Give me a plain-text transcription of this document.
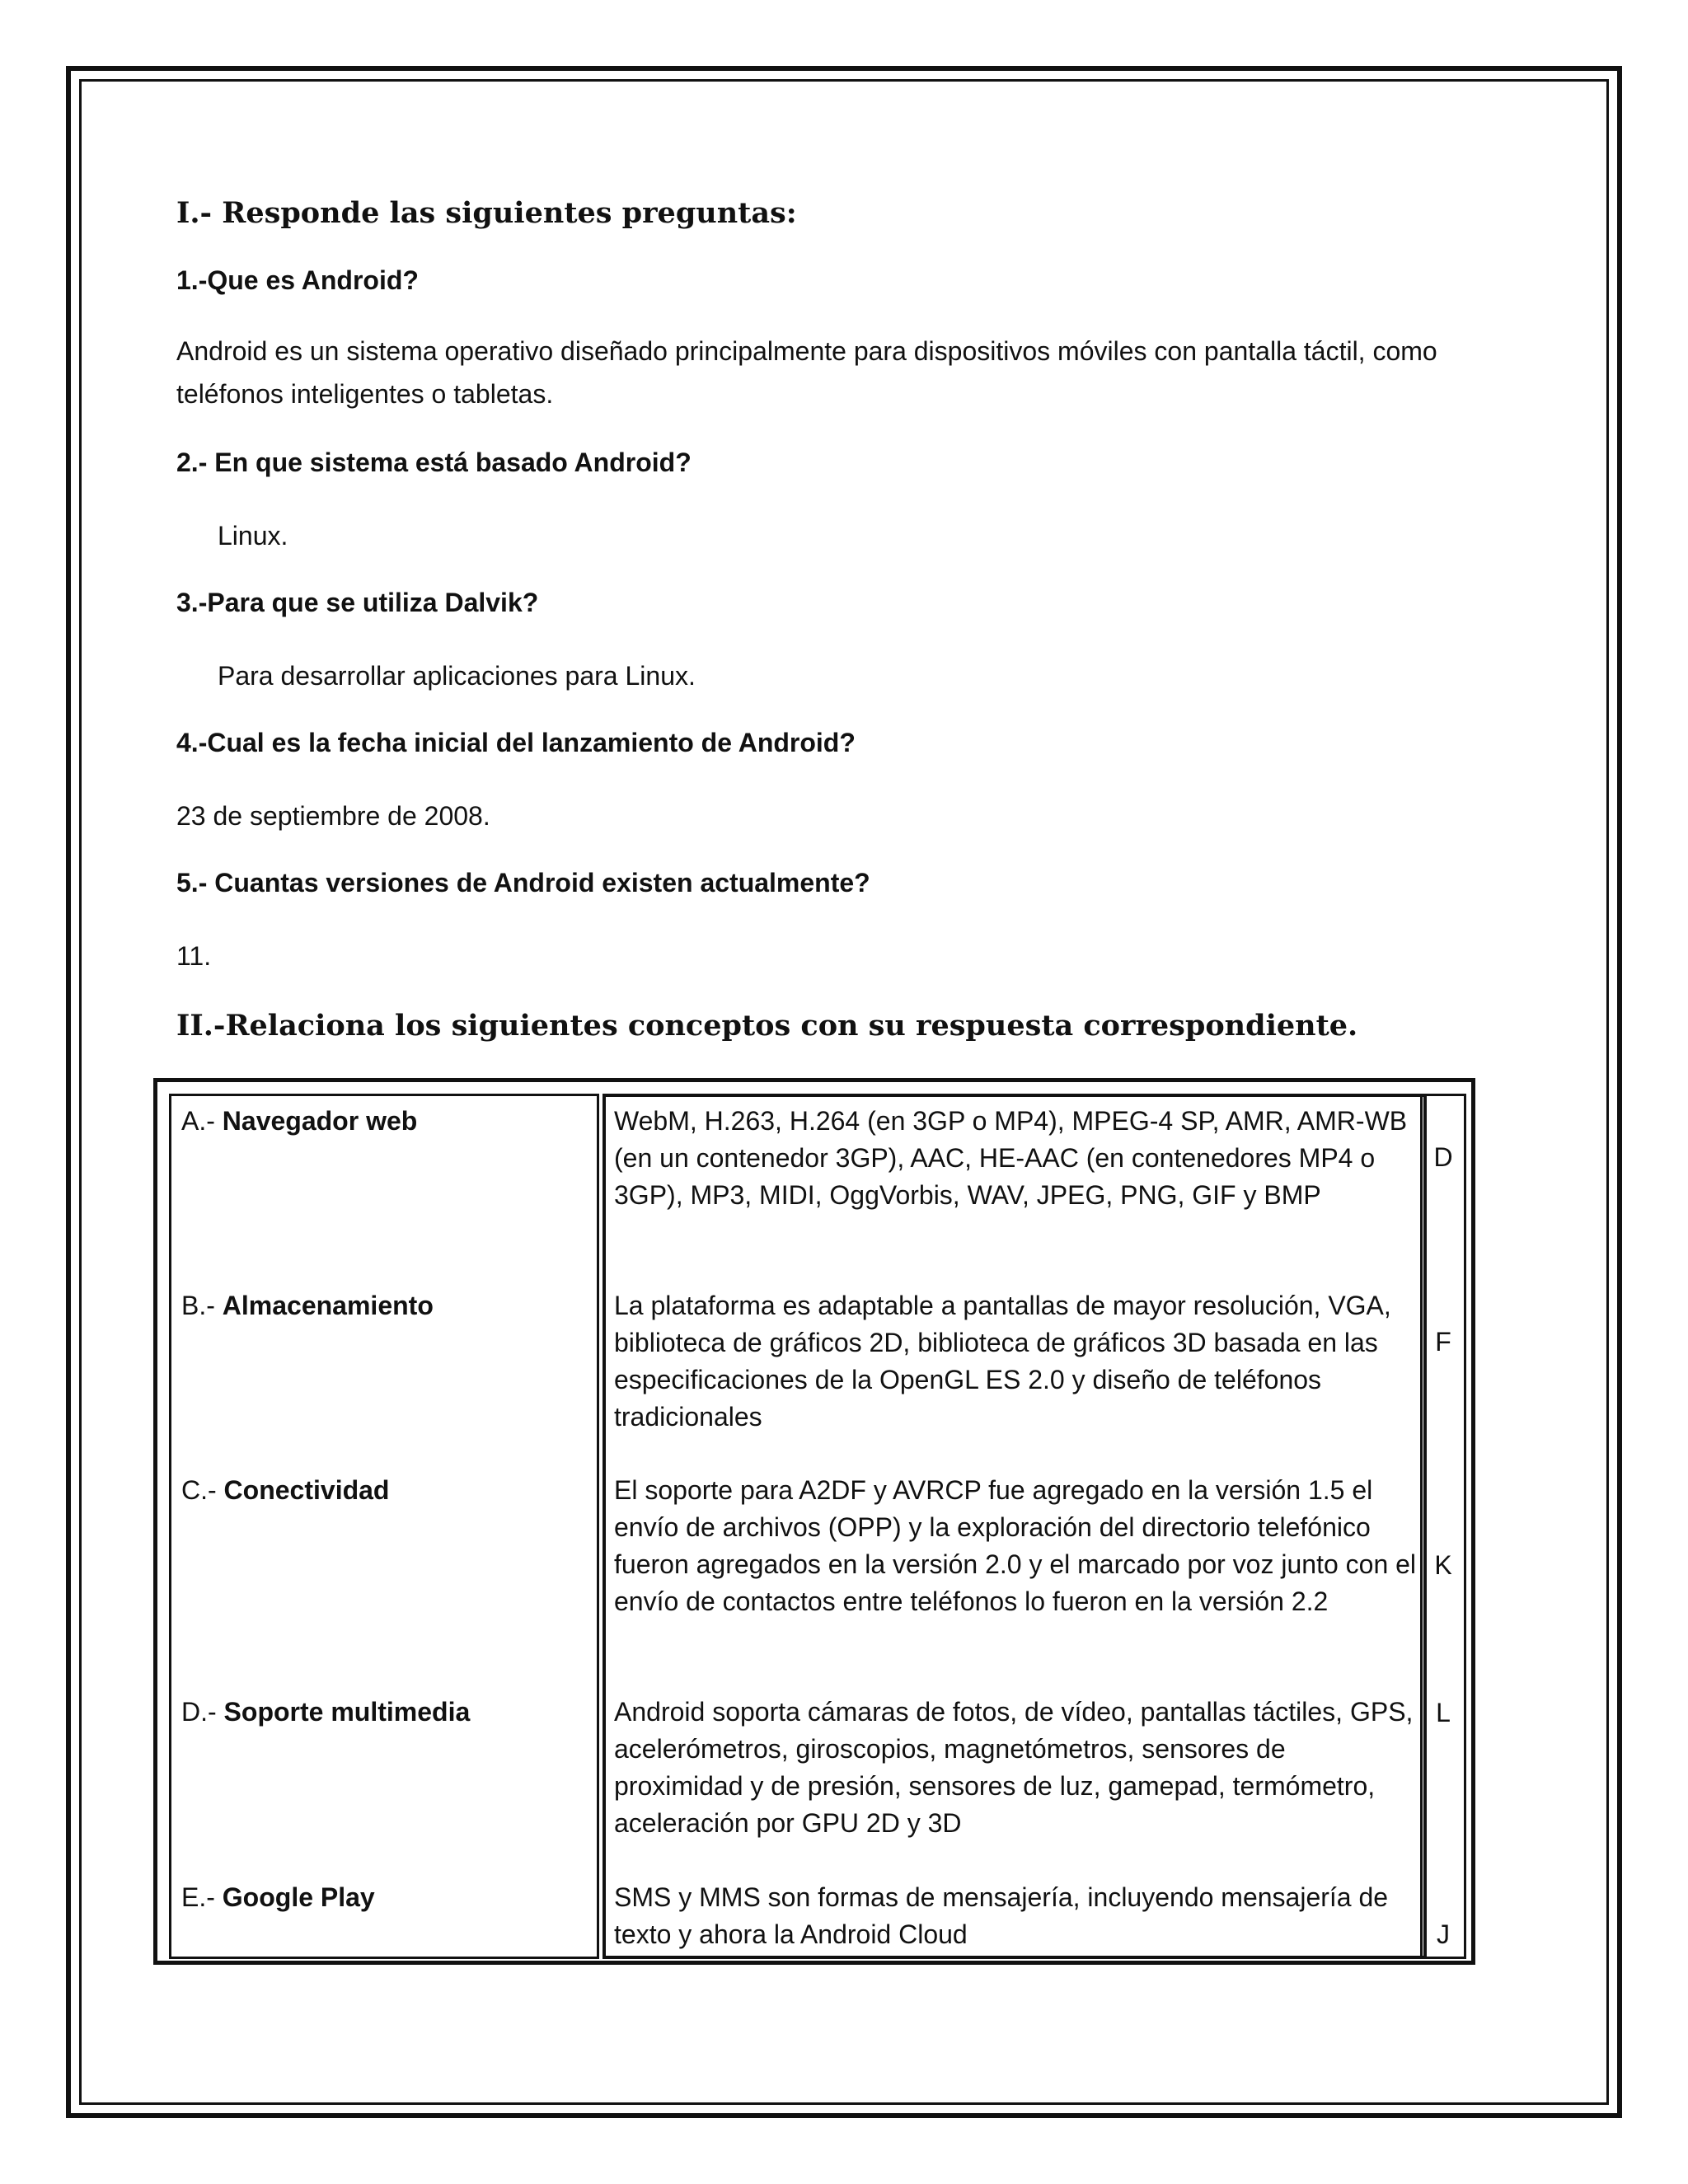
I.- Responde las siguientes preguntas:
1.-Que es Android?
Android es un sistema operativo diseñado principalmente para dispositivos móviles con pantalla táctil, como teléfonos inteligentes o tabletas.
2.- En que sistema está basado Android?
Linux.
3.-Para que se utiliza Dalvik?
Para desarrollar aplicaciones para Linux.
4.-Cual es la fecha inicial del lanzamiento de Android?
23 de septiembre de 2008.
5.- Cuantas versiones de Android existen actualmente?
11.
II.-Relaciona los siguientes conceptos con su respuesta correspondiente.
A.- Navegador web
B.- Almacenamiento
C.- Conectividad
D.- Soporte multimedia
E.- Google Play
WebM, H.263, H.264 (en 3GP o MP4), MPEG-4 SP, AMR, AMR-WB (en un contenedor 3GP), AAC, HE-AAC (en contenedores MP4 o 3GP), MP3, MIDI, OggVorbis, WAV, JPEG, PNG, GIF y BMP
La plataforma es adaptable a pantallas de mayor resolución, VGA, biblioteca de gráficos 2D, biblioteca de gráficos 3D basada en las especificaciones de la OpenGL ES 2.0 y diseño de teléfonos tradicionales
El soporte para A2DF y AVRCP fue agregado en la versión 1.5 el envío de archivos (OPP) y la exploración del directorio telefónico fueron agregados en la versión 2.0 y el marcado por voz junto con el envío de contactos entre teléfonos lo fueron en la versión 2.2
Android soporta cámaras de fotos, de vídeo, pantallas táctiles, GPS, acelerómetros, giroscopios, magnetómetros, sensores de proximidad y de presión, sensores de luz, gamepad, termómetro, aceleración por GPU 2D y 3D
SMS y MMS son formas de mensajería, incluyendo mensajería de texto y ahora la Android Cloud
D
F
K
L
J
